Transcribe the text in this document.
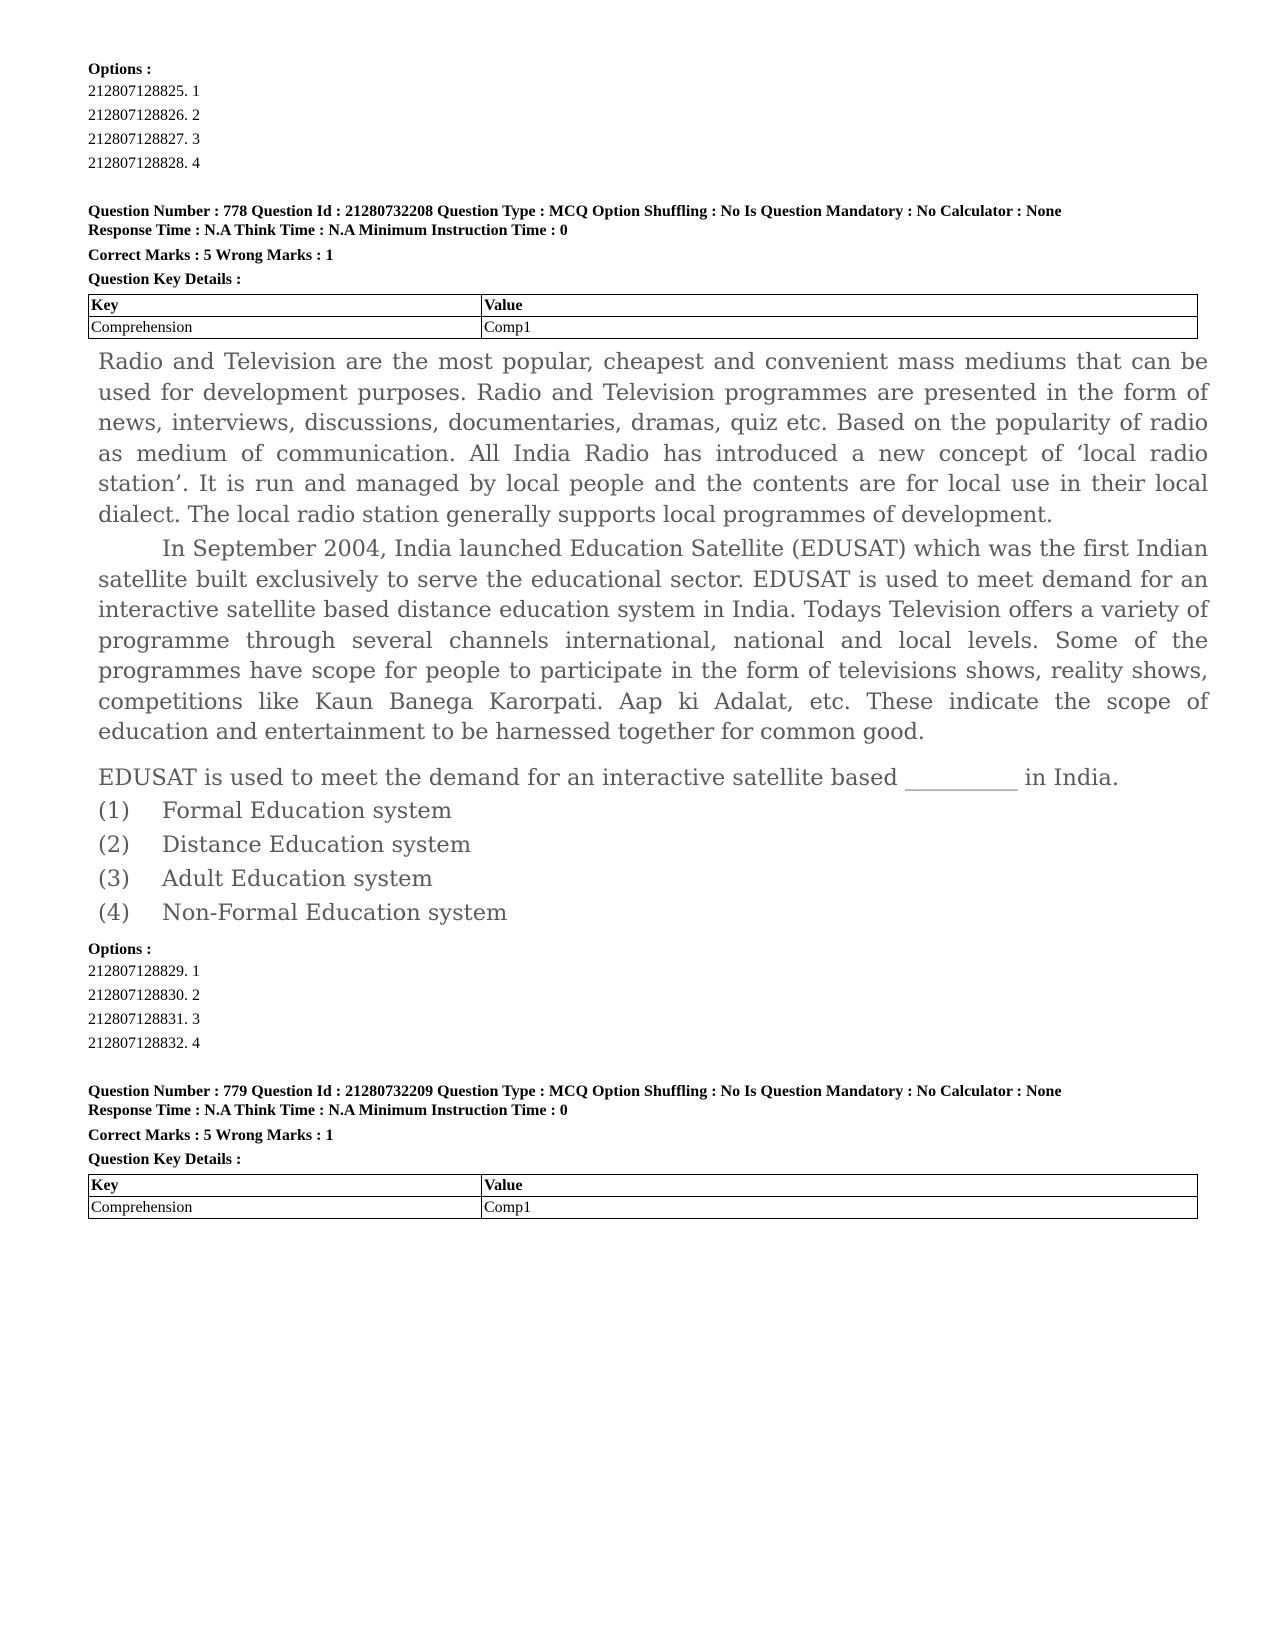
Options :
212807128825. 1
212807128826. 2
212807128827. 3
212807128828. 4
Question Number : 778 Question Id : 21280732208 Question Type : MCQ Option Shuffling : No Is Question Mandatory : No Calculator : None
Response Time : N.A Think Time : N.A Minimum Instruction Time : 0
Correct Marks : 5 Wrong Marks : 1
Question Key Details :
Key	Value
Comprehension	Comp1

Radio and Television are the most popular, cheapest and convenient mass mediums that can be used for development purposes. Radio and Television programmes are presented in the form of news, interviews, discussions, documentaries, dramas, quiz etc. Based on the popularity of radio as medium of communication. All India Radio has introduced a new concept of ‘local radio station’. It is run and managed by local people and the contents are for local use in their local dialect. The local radio station generally supports local programmes of development.

In September 2004, India launched Education Satellite (EDUSAT) which was the first Indian satellite built exclusively to serve the educational sector. EDUSAT is used to meet demand for an interactive satellite based distance education system in India. Todays Television offers a variety of programme through several channels international, national and local levels. Some of the programmes have scope for people to participate in the form of televisions shows, reality shows, competitions like Kaun Banega Karorpati. Aap ki Adalat, etc. These indicate the scope of education and entertainment to be harnessed together for common good.

EDUSAT is used to meet the demand for an interactive satellite based __________ in India.
(1)	Formal Education system
(2)	Distance Education system
(3)	Adult Education system
(4)	Non-Formal Education system
Options :
212807128829. 1
212807128830. 2
212807128831. 3
212807128832. 4
Question Number : 779 Question Id : 21280732209 Question Type : MCQ Option Shuffling : No Is Question Mandatory : No Calculator : None
Response Time : N.A Think Time : N.A Minimum Instruction Time : 0
Correct Marks : 5 Wrong Marks : 1
Question Key Details :
Key	Value
Comprehension	Comp1
